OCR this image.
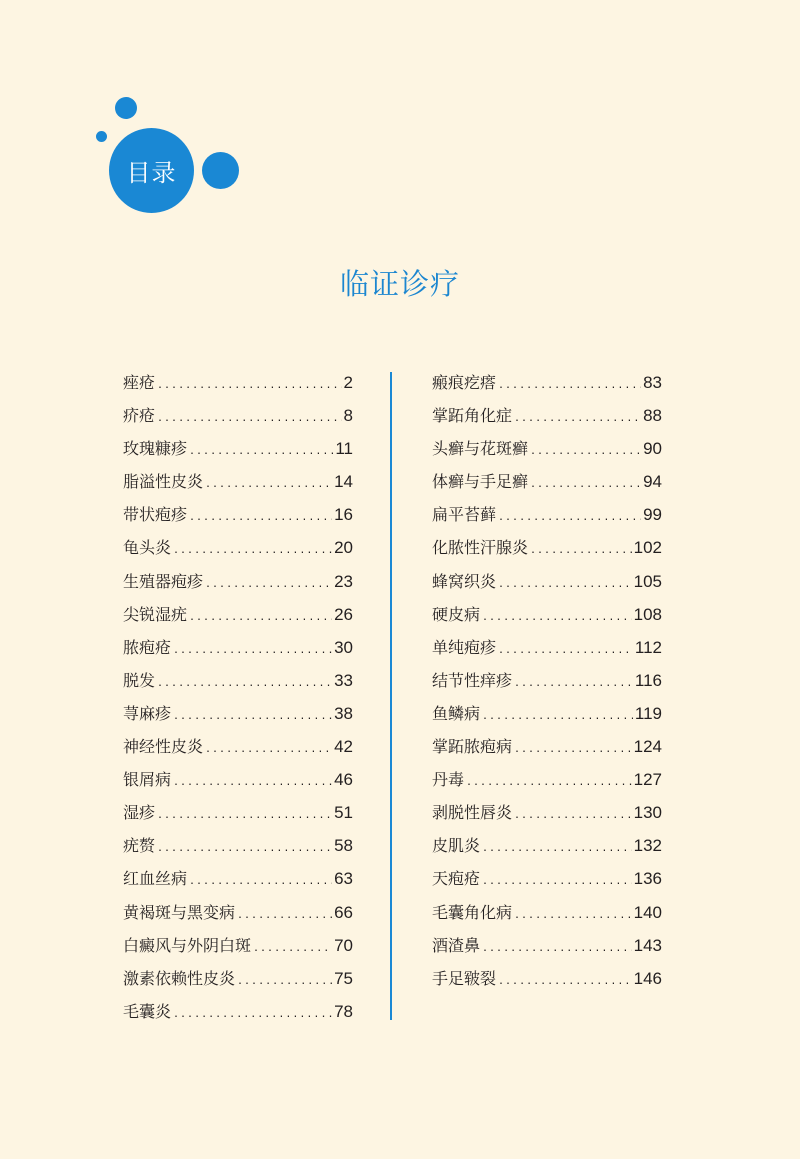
目录
临证诊疗
痤疮 .....	2
疥疮 .....	8
玫瑰糠疹 .....	11
脂溢性皮炎 .....	14
带状疱疹 .....	16
龟头炎 .....	20
生殖器疱疹 .....	23
尖锐湿疣 .....	26
脓疱疮 .....	30
脱发 .....	33
荨麻疹 .....	38
神经性皮炎 .....	42
银屑病 .....	46
湿疹 .....	51
疣赘 .....	58
红血丝病 .....	63
黄褐斑与黑变病 .....	66
白癜风与外阴白斑 .....	70
激素依赖性皮炎 .....	75
毛囊炎 .....	78
瘢痕疙瘩 .....	83
掌跖角化症 .....	88
头癣与花斑癣 .....	90
体癣与手足癣 .....	94
扁平苔藓 .....	99
化脓性汗腺炎 .....	102
蜂窝织炎 .....	105
硬皮病 .....	108
单纯疱疹 .....	112
结节性痒疹 .....	116
鱼鳞病 .....	119
掌跖脓疱病 .....	124
丹毒 .....	127
剥脱性唇炎 .....	130
皮肌炎 .....	132
天疱疮 .....	136
毛囊角化病 .....	140
酒渣鼻 .....	143
手足皲裂 .....	146
